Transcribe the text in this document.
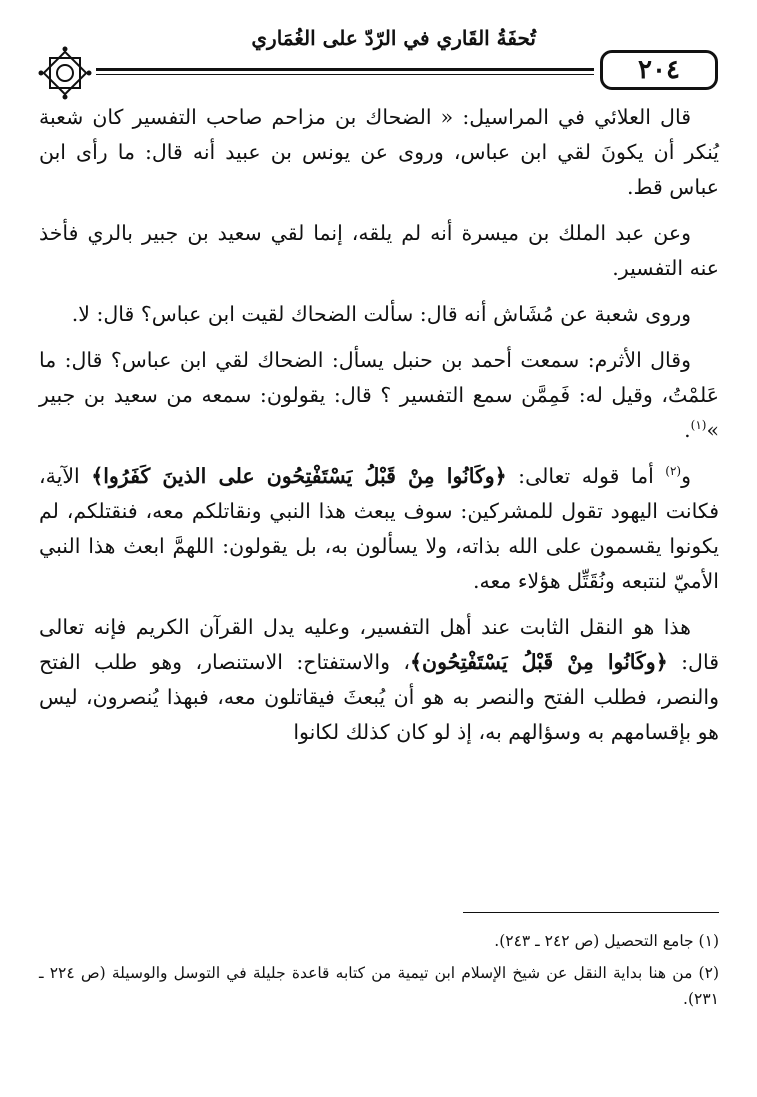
تُحفَةُ القَاري في الرّدّ على الغُمَاري
٢٠٤

قال العلائي في المراسيل: « الضحاك بن مزاحم صاحب التفسير كان شعبة يُنكر أن يكونَ لقي ابن عباس، وروى عن يونس بن عبيد أنه قال: ما رأى ابن عباس قط.

وعن عبد الملك بن ميسرة أنه لم يلقه، إنما لقي سعيد بن جبير بالري فأخذ عنه التفسير.

وروى شعبة عن مُشَاش أنه قال: سألت الضحاك لقيت ابن عباس؟ قال: لا.

وقال الأثرم: سمعت أحمد بن حنبل يسأل: الضحاك لقي ابن عباس؟ قال: ما عَلمْتُ، وقيل له: فَمِمَّن سمع التفسير ؟ قال: يقولون: سمعه من سعيد بن جبير »$^{(١)}$.

و$^{(٢)}$ أما قوله تعالى: ﴿وكَانُوا مِنْ قَبْلُ يَسْتَفْتِحُون على الذينَ كَفَرُوا﴾ الآية، فكانت اليهود تقول للمشركين: سوف يبعث هذا النبي ونقاتلكم معه، فنقتلكم، لم يكونوا يقسمون على الله بذاته، ولا يسألون به، بل يقولون: اللهمَّ ابعث هذا النبي الأميّ لنتبعه ونُقَتِّل هؤلاء معه.

هذا هو النقل الثابت عند أهل التفسير، وعليه يدل القرآن الكريم فإنه تعالى قال: ﴿وكَانُوا مِنْ قَبْلُ يَسْتَفْتِحُون﴾، والاستفتاح: الاستنصار، وهو طلب الفتح والنصر، فطلب الفتح والنصر به هو أن يُبعثَ فيقاتلون معه، فبهذا يُنصرون، ليس هو بإقسامهم به وسؤالهم به، إذ لو كان كذلك لكانوا

(١) جامع التحصيل (ص ٢٤٢ ـ ٢٤٣).

(٢) من هنا بداية النقل عن شيخ الإسلام ابن تيمية من كتابه قاعدة جليلة في التوسل والوسيلة (ص ٢٢٤ ـ ٢٣١).
